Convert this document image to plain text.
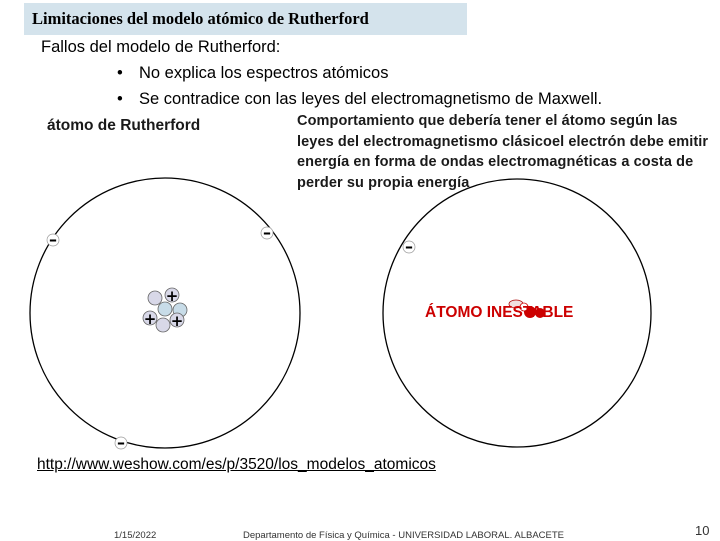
Limitaciones del modelo atómico de Rutherford
Fallos del modelo de Rutherford:
• No explica los espectros atómicos
• Se contradice con las leyes del electromagnetismo de Maxwell.
átomo de Rutherford	Comportamiento que debería tener el átomo según las leyes del electromagnetismo clásicoel electrón debe emitir energía en forma de ondas electromagnéticas a costa de perder su propia energía
+
+ +
–	–
–
–
ÁTOMO INESTABLE
http://www.weshow.com/es/p/3520/los_modelos_atomicos
1/15/2022	Departamento de Física y Química - UNIVERSIDAD LABORAL. ALBACETE	10
